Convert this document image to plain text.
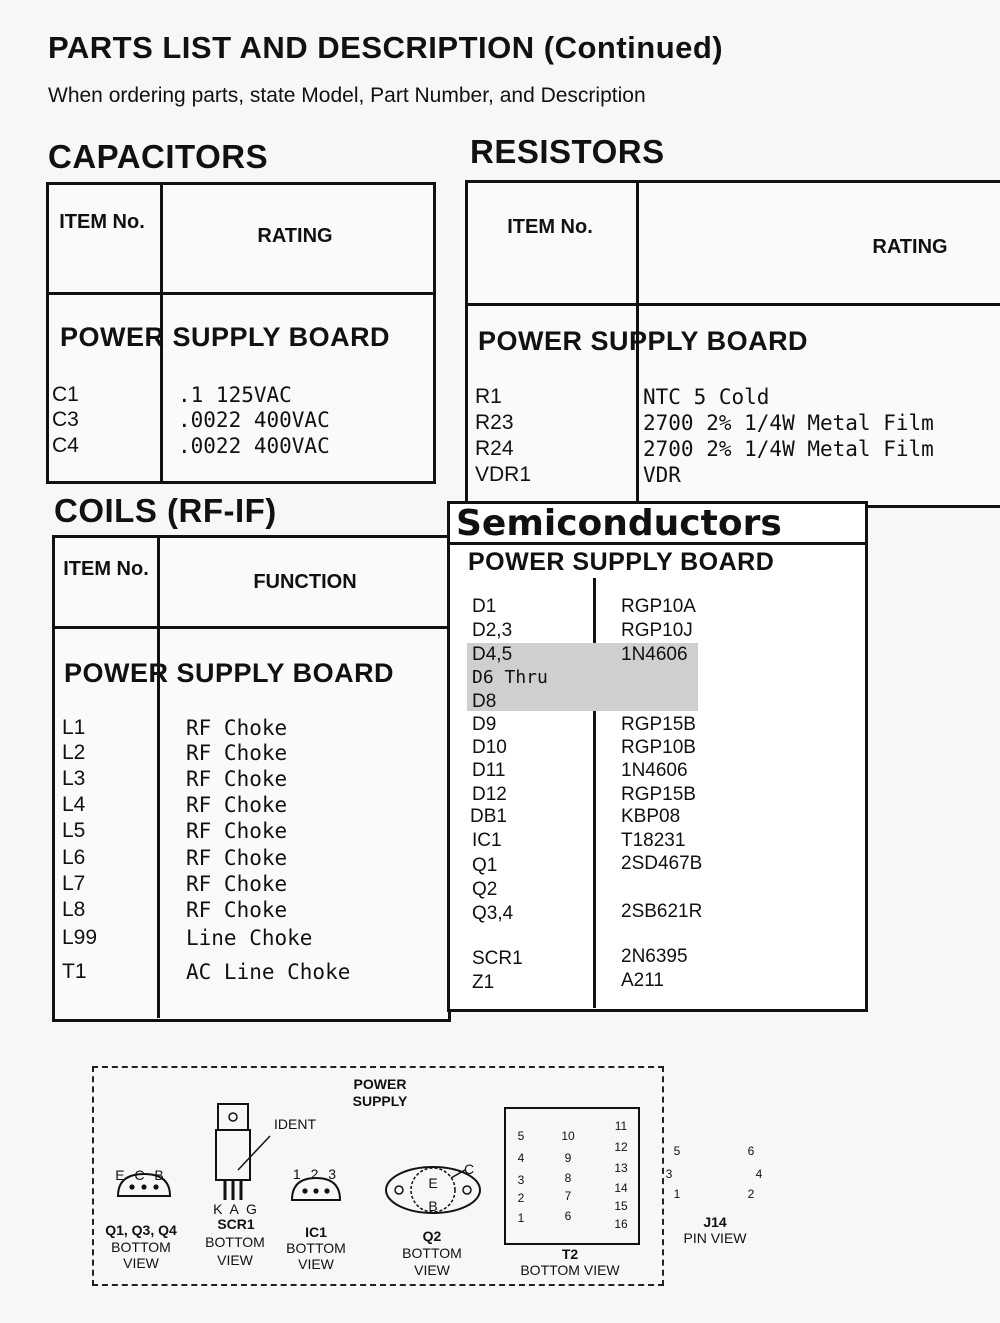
PARTS LIST AND DESCRIPTION (Continued)
When ordering parts, state Model, Part Number, and Description
CAPACITORS
ITEM No.
RATING
POWER SUPPLY BOARD
C1	.1 125VAC
C3	.0022 400VAC
C4	.0022 400VAC
RESISTORS
ITEM No.
RATING
POWER SUPPLY BOARD
R1	NTC 5 Cold
R23	2700 2% 1/4W Metal Film
R24	2700 2% 1/4W Metal Film
VDR1	VDR
COILS (RF-IF)
ITEM No.
FUNCTION
POWER SUPPLY BOARD
L1	RF Choke
L2	RF Choke
L3	RF Choke
L4	RF Choke
L5	RF Choke
L6	RF Choke
L7	RF Choke
L8	RF Choke
L99	Line Choke
T1	AC Line Choke
Semiconductors
POWER SUPPLY BOARD
D1	RGP10A
D2,3	RGP10J
D4,5	1N4606
D6 Thru
D8
D9	RGP15B
D10	RGP10B
D11	1N4606
D12	RGP15B
DB1	KBP08
IC1	T18231
Q1	2SD467B
Q2
Q3,4	2SB621R
SCR1	2N6395
Z1	A211
POWER
SUPPLY
E C B
Q1, Q3, Q4
BOTTOM
VIEW
IDENT
K A G
SCR1
BOTTOM
VIEW
1 2 3
IC1
BOTTOM
VIEW
E
B
C
Q2
BOTTOM
VIEW
5
4
3
2
1
10
9
8
7
6
11
12
13
14
15
16
T2
BOTTOM VIEW
5	6
3	4
1	2
J14
PIN VIEW
